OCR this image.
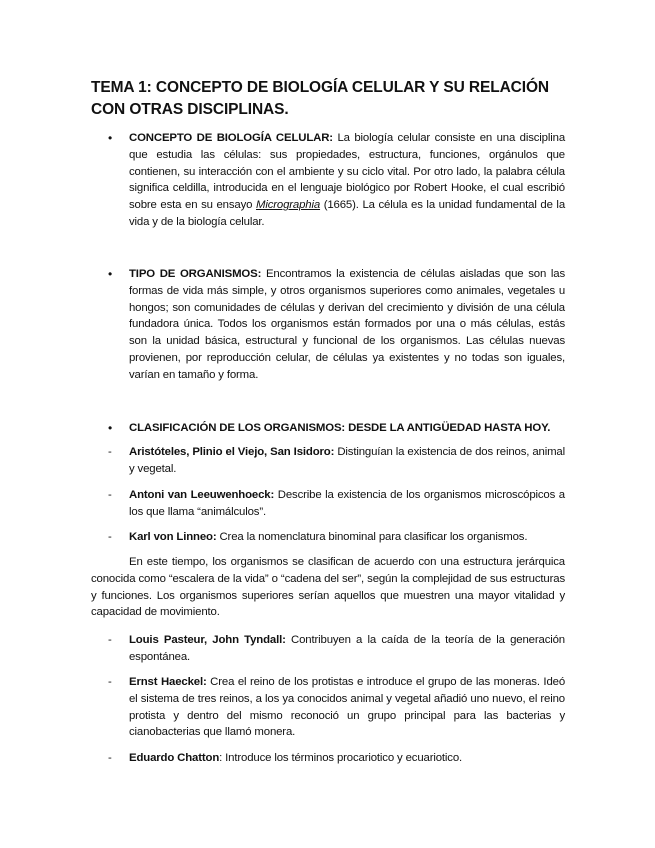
TEMA 1: CONCEPTO DE BIOLOGÍA CELULAR Y SU RELACIÓN CON OTRAS DISCIPLINAS.
• CONCEPTO DE BIOLOGÍA CELULAR: La biología celular consiste en una disciplina que estudia las células: sus propiedades, estructura, funciones, orgánulos que contienen, su interacción con el ambiente y su ciclo vital. Por otro lado, la palabra célula significa celdilla, introducida en el lenguaje biológico por Robert Hooke, el cual escribió sobre esta en su ensayo Micrographia (1665). La célula es la unidad fundamental de la vida y de la biología celular.
• TIPO DE ORGANISMOS: Encontramos la existencia de células aisladas que son las formas de vida más simple, y otros organismos superiores como animales, vegetales u hongos; son comunidades de células y derivan del crecimiento y división de una célula fundadora única. Todos los organismos están formados por una o más células, estás son la unidad básica, estructural y funcional de los organismos. Las células nuevas provienen, por reproducción celular, de células ya existentes y no todas son iguales, varían en tamaño y forma.
• CLASIFICACIÓN DE LOS ORGANISMOS: DESDE LA ANTIGÜEDAD HASTA HOY.
- Aristóteles, Plinio el Viejo, San Isidoro: Distinguían la existencia de dos reinos, animal y vegetal.
- Antoni van Leeuwenhoeck: Describe la existencia de los organismos microscópicos a los que llama “animálculos”.
- Karl von Linneo: Crea la nomenclatura binominal para clasificar los organismos.
En este tiempo, los organismos se clasifican de acuerdo con una estructura jerárquica conocida como “escalera de la vida” o “cadena del ser”, según la complejidad de sus estructuras y funciones. Los organismos superiores serían aquellos que muestren una mayor vitalidad y capacidad de movimiento.
- Louis Pasteur, John Tyndall: Contribuyen a la caída de la teoría de la generación espontánea.
- Ernst Haeckel: Crea el reino de los protistas e introduce el grupo de las moneras. Ideó el sistema de tres reinos, a los ya conocidos animal y vegetal añadió uno nuevo, el reino protista y dentro del mismo reconoció un grupo principal para las bacterias y cianobacterias que llamó monera.
- Eduardo Chatton: Introduce los términos procariotico y ecuariotico.
